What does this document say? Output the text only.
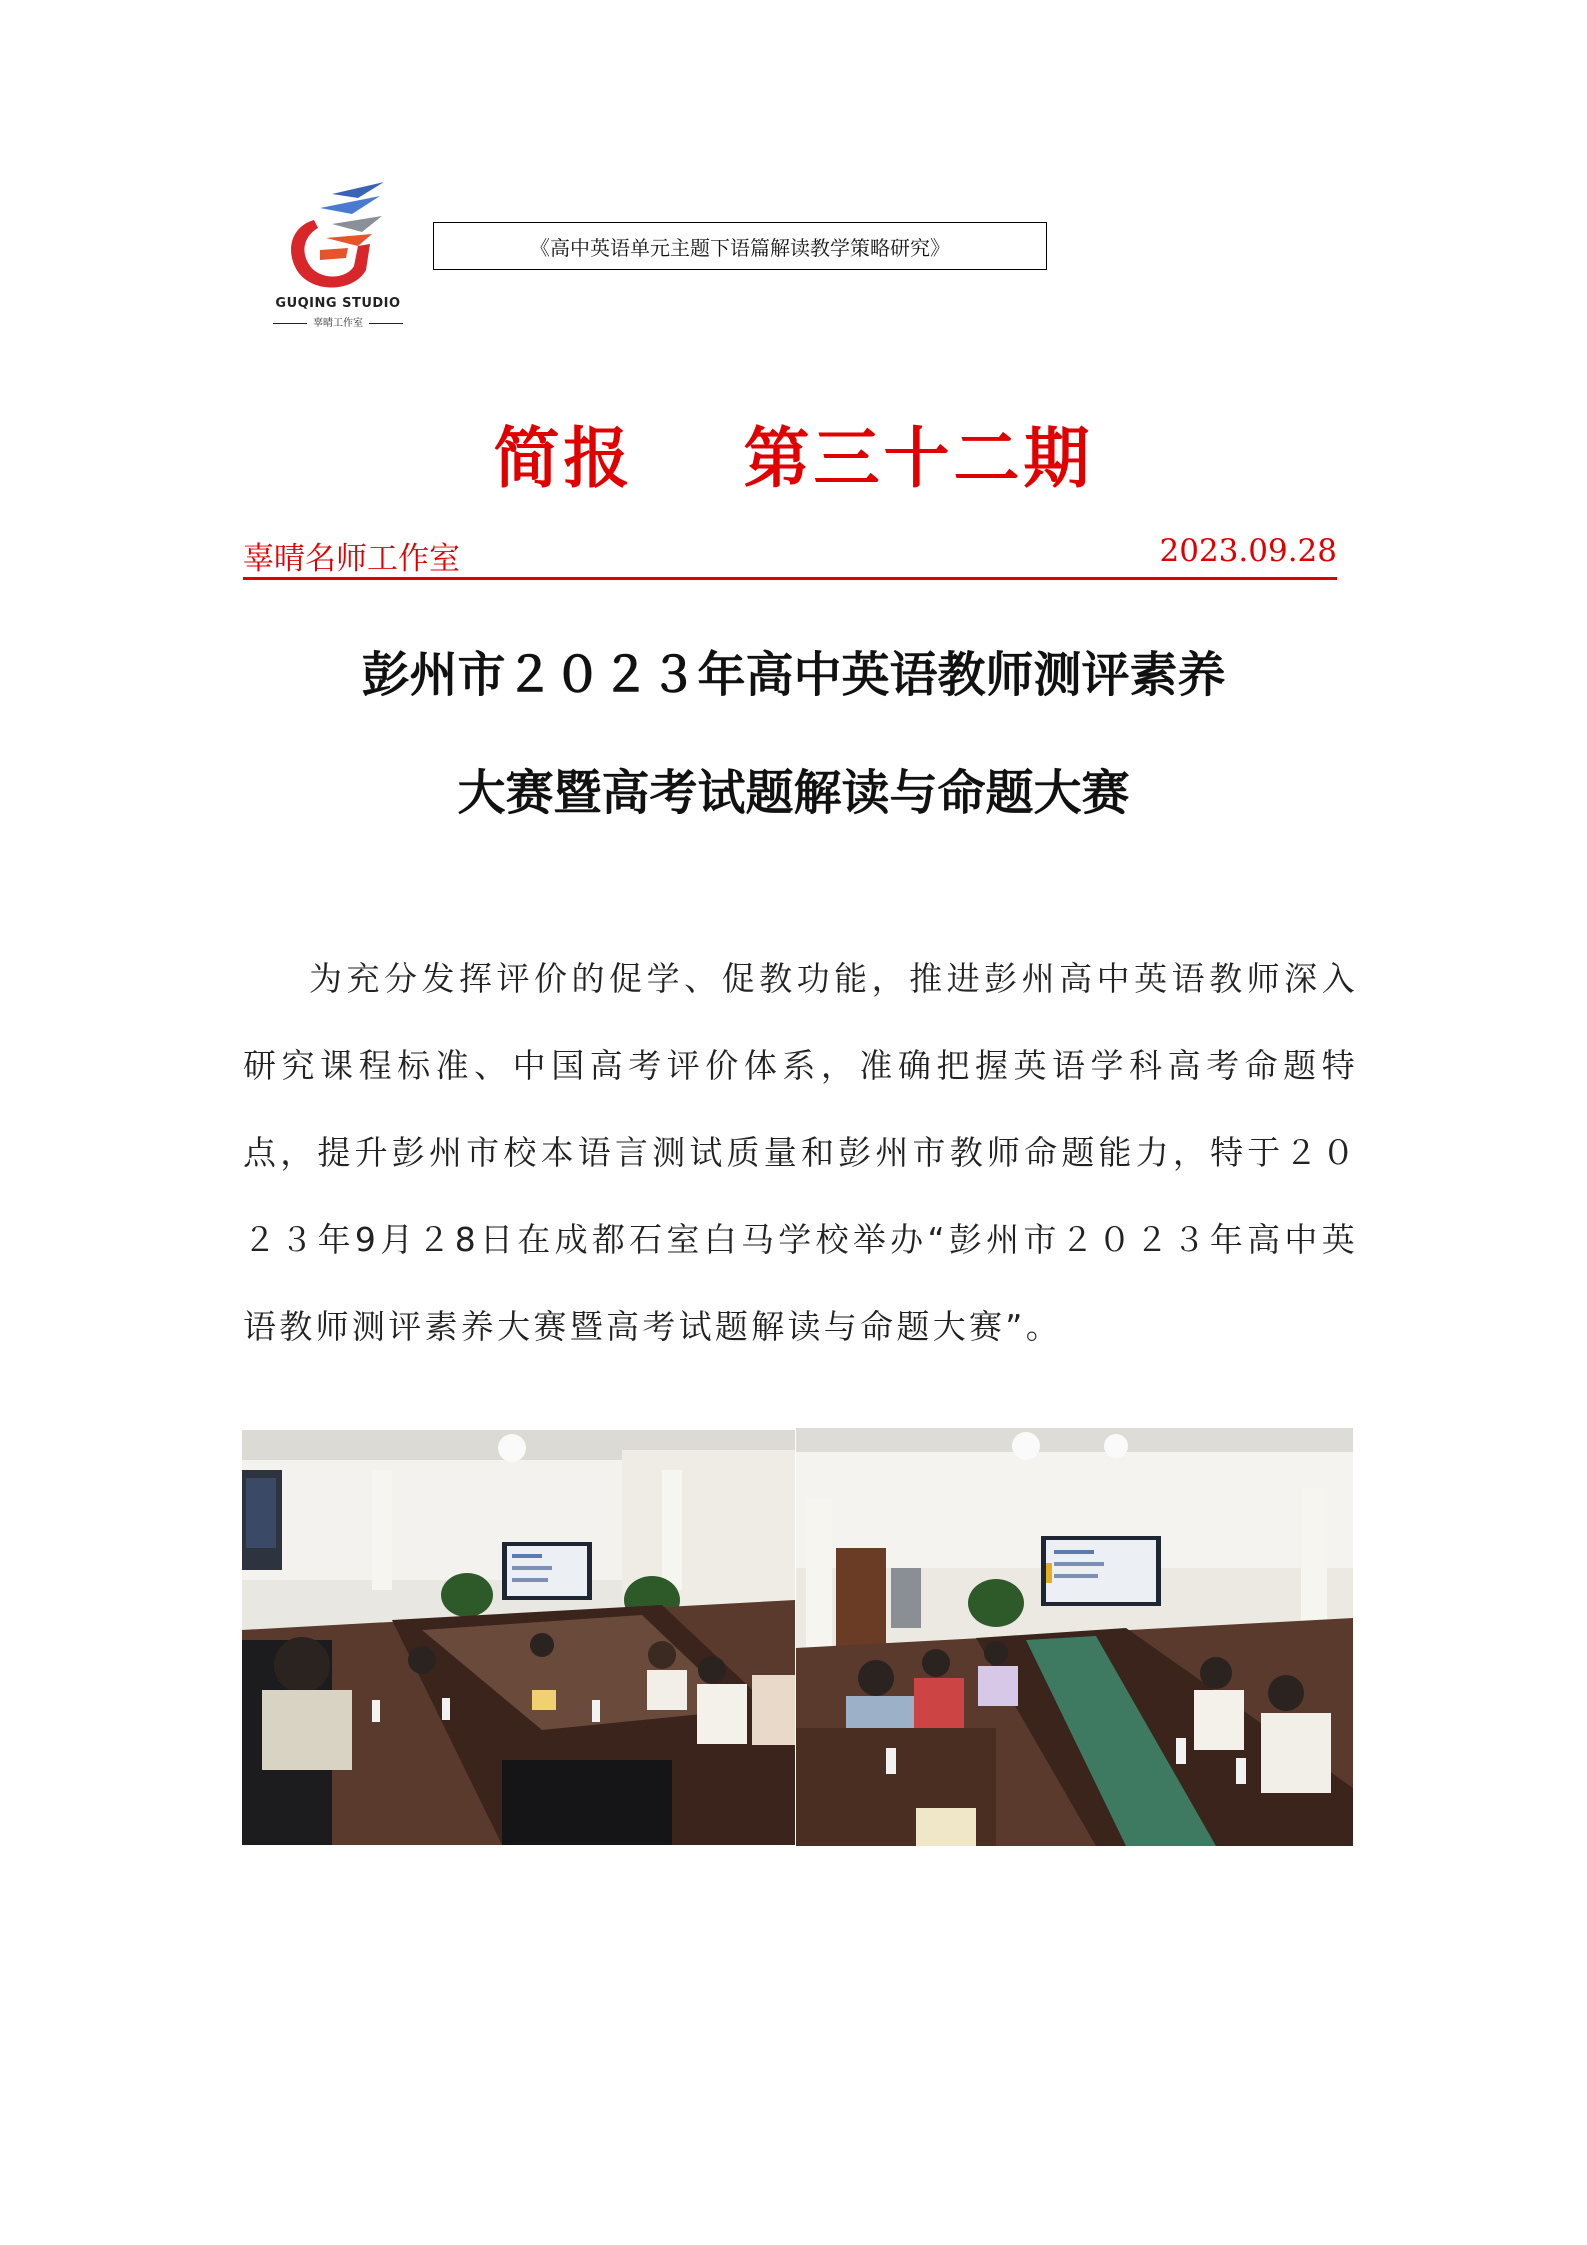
GUQING STUDIO
辜晴工作室
《高中英语单元主题下语篇解读教学策略研究》
简报 第三十二期
辜晴名师工作室	2023.09.28
彭州市２０２３年高中英语教师测评素养
大赛暨高考试题解读与命题大赛

为充分发挥评价的促学、促教功能，推进彭州高中英语教师深入研究课程标准、中国高考评价体系，准确把握英语学科高考命题特点，提升彭州市校本语言测试质量和彭州市教师命题能力，特于２０２３年9月２8日在成都石室白马学校举办“彭州市２０２３年高中英语教师测评素养大赛暨高考试题解读与命题大赛”。
